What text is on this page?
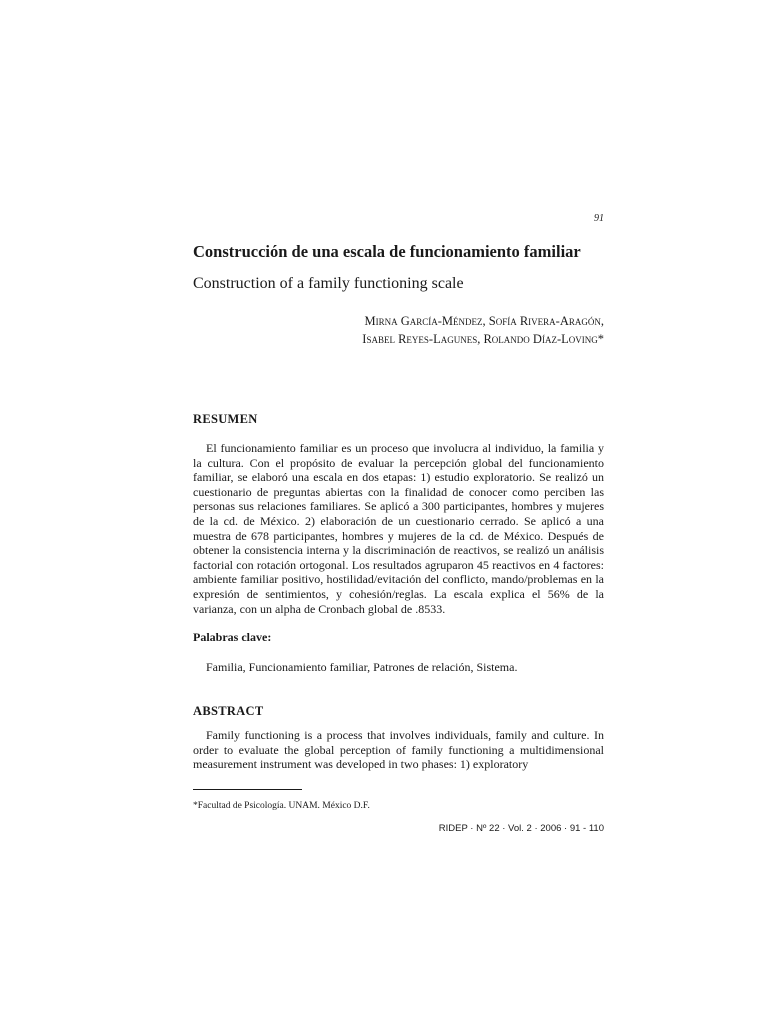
91
Construcción de una escala de funcionamiento familiar
Construction of a family functioning scale
Mirna García-Méndez, Sofía Rivera-Aragón,
Isabel Reyes-Lagunes, Rolando Díaz-Loving*
RESUMEN

El funcionamiento familiar es un proceso que involucra al individuo, la familia y la cultura. Con el propósito de evaluar la percepción global del funcionamiento familiar, se elaboró una escala en dos etapas: 1) estudio exploratorio. Se realizó un cuestionario de preguntas abiertas con la finalidad de conocer como perciben las personas sus relaciones familiares. Se aplicó a 300 participantes, hombres y mujeres de la cd. de México. 2) elaboración de un cuestionario cerrado. Se aplicó a una muestra de 678 participantes, hombres y mujeres de la cd. de México. Después de obtener la consistencia interna y la discriminación de reactivos, se realizó un análisis factorial con rotación ortogonal. Los resultados agruparon 45 reactivos en 4 factores: ambiente familiar positivo, hostilidad/evitación del conflicto, mando/problemas en la expresión de sentimientos, y cohesión/reglas. La escala explica el 56% de la varianza, con un alpha de Cronbach global de .8533.

Palabras clave:
Familia, Funcionamiento familiar, Patrones de relación, Sistema.
ABSTRACT

Family functioning is a process that involves individuals, family and culture. In order to evaluate the global perception of family functioning a multidimensional measurement instrument was developed in two phases: 1) exploratory

*Facultad de Psicología. UNAM. México D.F.
RIDEP · Nº 22 · Vol. 2 · 2006 · 91 - 110
